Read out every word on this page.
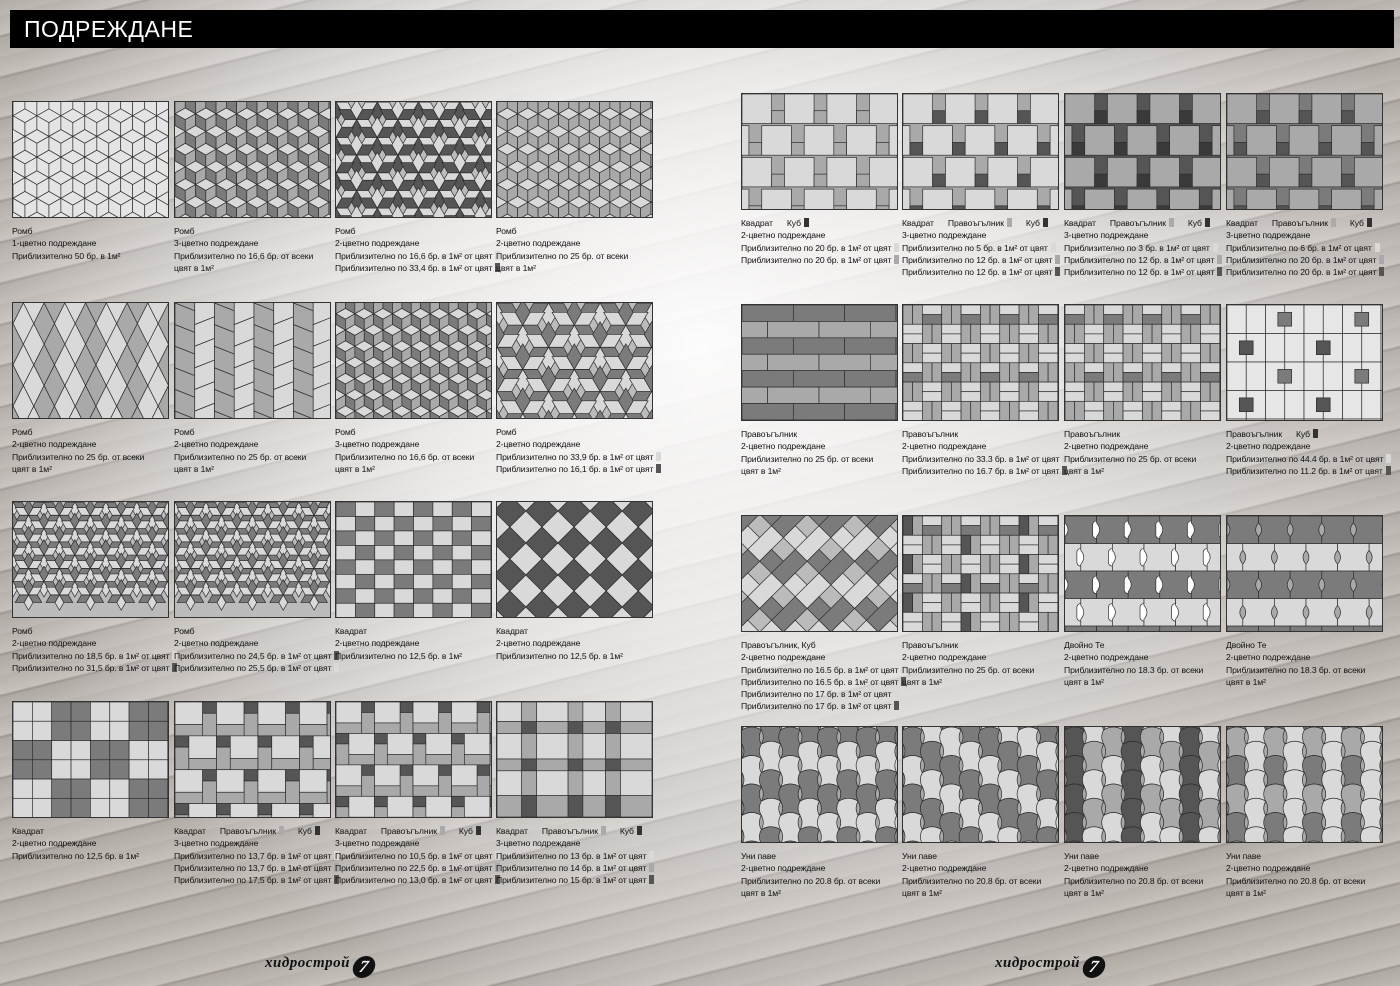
ПОДРЕЖДАНЕ
Ромб
1-цветно подреждане
Приблизително 50 бр. в 1м²
Ромб
3-цветно подреждане
Приблизително по 16,6 бр. от всеки цвят в 1м²
Ромб
2-цветно подреждане
Приблизително по 16,6 бр. в 1м² от цвят
Приблизително по 33,4 бр. в 1м² от цвят
Ромб
2-цветно подреждане
Приблизително по 25 бр. от всеки цвят в 1м²
Ромб
2-цветно подреждане
Приблизително по 25 бр. от всеки цвят в 1м²
Ромб
2-цветно подреждане
Приблизително по 25 бр. от всеки цвят в 1м²
Ромб
3-цветно подреждане
Приблизително по 16,6 бр. от всеки цвят в 1м²
Ромб
2-цветно подреждане
Приблизително по 33,9 бр. в 1м² от цвят
Приблизително по 16,1 бр. в 1м² от цвят
Ромб
2-цветно подреждане
Приблизително по 18,5 бр. в 1м² от цвят
Приблизително по 31,5 бр. в 1м² от цвят
Ромб
2-цветно подреждане
Приблизително по 24,5 бр. в 1м² от цвят
Приблизително по 25,5 бр. в 1м² от цвят
Квадрат
2-цветно подреждане
Приблизително по 12,5 бр. в 1м²
Квадрат
2-цветно подреждане
Приблизително по 12,5 бр. в 1м²
Квадрат
2-цветно подреждане
Приблизително по 12,5 бр. в 1м²
Квадрат Правоъгълник	Куб
3-цветно подреждане
Приблизително по 13,7 бр. в 1м² от цвят
Приблизително по 13,7 бр. в 1м² от цвят
Приблизително по 17,5 бр. в 1м² от цвят
Квадрат Правоъгълник	Куб
3-цветно подреждане
Приблизително по 10,5 бр. в 1м² от цвят
Приблизително по 22,5 бр. в 1м² от цвят
Приблизително по 13,0 бр. в 1м² от цвят
Квадрат Правоъгълник	Куб
3-цветно подреждане
Приблизително по 13 бр. в 1м² от цвят
Приблизително по 14 бр. в 1м² от цвят
Приблизително по 15 бр. в 1м² от цвят
Квадрат Куб
2-цветно подреждане
Приблизително по 20 бр. в 1м² от цвят
Приблизително по 20 бр. в 1м² от цвят
Квадрат Правоъгълник	Куб
3-цветно подреждане
Приблизително по 5 бр. в 1м² от цвят
Приблизително по 12 бр. в 1м² от цвят
Приблизително по 12 бр. в 1м² от цвят
Квадрат Правоъгълник	Куб
3-цветно подреждане
Приблизително по 3 бр. в 1м² от цвят
Приблизително по 12 бр. в 1м² от цвят
Приблизително по 12 бр. в 1м² от цвят
Квадрат Правоъгълник	Куб
3-цветно подреждане
Приблизително по 6 бр. в 1м² от цвят
Приблизително по 20 бр. в 1м² от цвят
Приблизително по 20 бр. в 1м² от цвят
Правоъгълник
2-цветно подреждане
Приблизително по 25 бр. от всеки цвят в 1м²
Правоъгълник
2-цветно подреждане
Приблизително по 33.3 бр. в 1м² от цвят
Приблизително по 16.7 бр. в 1м² от цвят
Правоъгълник
2-цветно подреждане
Приблизително по 25 бр. от всеки цвят в 1м²
Правоъгълник Куб
2-цветно подреждане
Приблизително по 44.4 бр. в 1м² от цвят
Приблизително по 11.2 бр. в 1м² от цвят
Правоъгълник, Куб
2-цветно подреждане
Приблизително по 16.5 бр. в 1м² от цвят
Приблизително по 16.5 бр. в 1м² от цвят
Приблизително по 17 бр. в 1м² от цвят
Приблизително по 17 бр. в 1м² от цвят
Правоъгълник
2-цветно подреждане
Приблизително по 25 бр. от всеки цвят в 1м²
Двойно Те
2-цветно подреждане
Приблизително по 18.3 бр. от всеки цвят в 1м²
Двойно Те
2-цветно подреждане
Приблизително по 18.3 бр. от всеки цвят в 1м²
Уни паве
2-цветно подреждане
Приблизително по 20.8 бр. от всеки цвят в 1м²
Уни паве
2-цветно подреждане
Приблизително по 20.8 бр. от всеки цвят в 1м²
Уни паве
2-цветно подреждане
Приблизително по 20.8 бр. от всеки цвят в 1м²
Уни паве
2-цветно подреждане
Приблизително по 20.8 бр. от всеки цвят в 1м²
хидрострой 7	хидрострой 7
